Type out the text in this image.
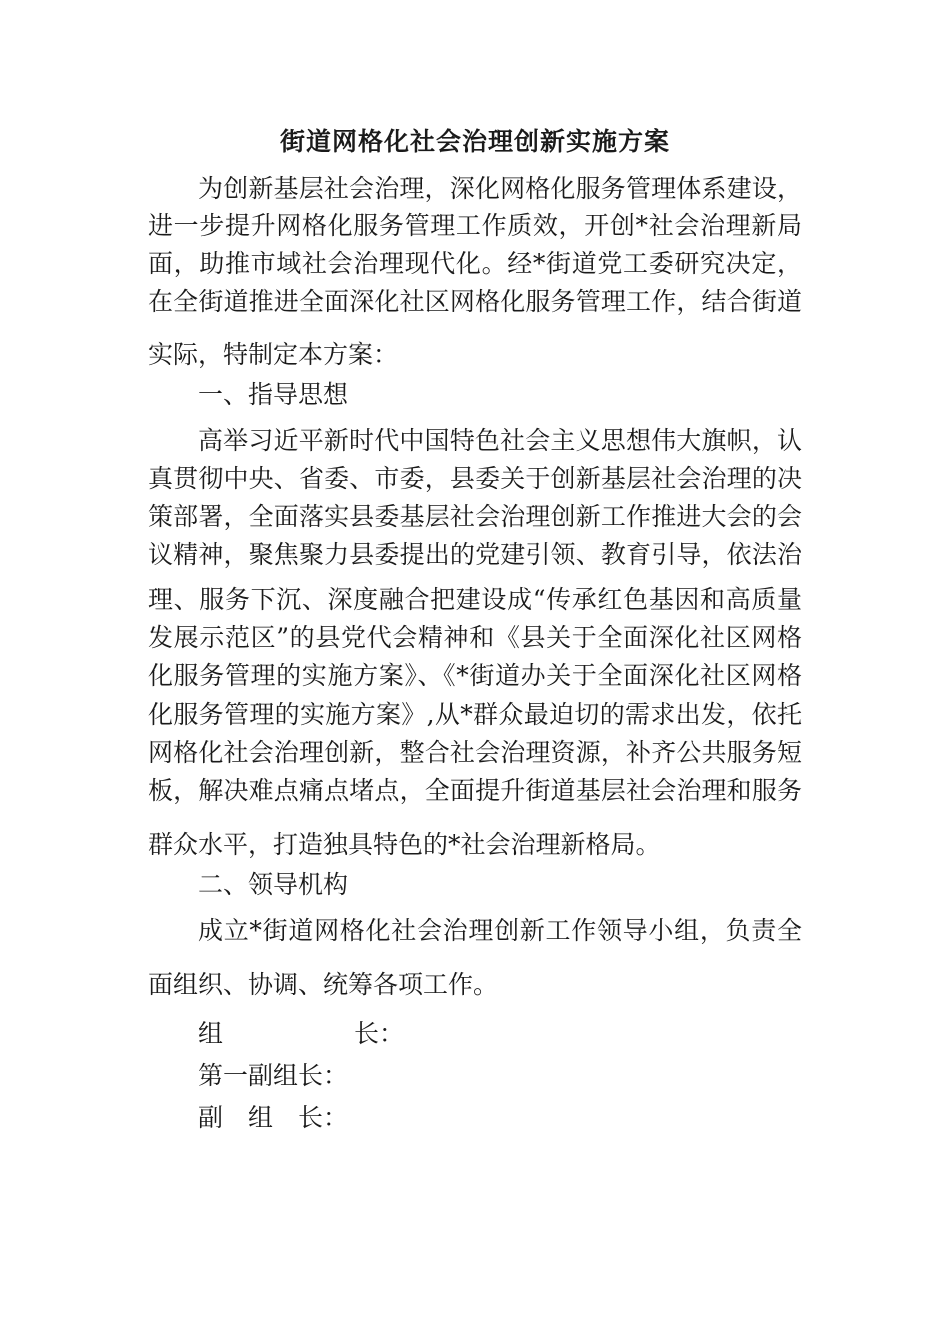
街道网格化社会治理创新实施方案
为创新基层社会治理，深化网格化服务管理体系建设，
进一步提升网格化服务管理工作质效，开创*社会治理新局
面，助推市域社会治理现代化。经*街道党工委研究决定，
在全街道推进全面深化社区网格化服务管理工作，结合街道
实际，特制定本方案：
一、指导思想
高举习近平新时代中国特色社会主义思想伟大旗帜，认
真贯彻中央、省委、市委，县委关于创新基层社会治理的决
策部署，全面落实县委基层社会治理创新工作推进大会的会
议精神，聚焦聚力县委提出的党建引领、教育引导，依法治
理、服务下沉、深度融合把建设成“传承红色基因和高质量
发展示范区”的县党代会精神和《县关于全面深化社区网格
化服务管理的实施方案》、《*街道办关于全面深化社区网格
化服务管理的实施方案》,从*群众最迫切的需求出发，依托
网格化社会治理创新，整合社会治理资源，补齐公共服务短
板，解决难点痛点堵点，全面提升街道基层社会治理和服务
群众水平，打造独具特色的*社会治理新格局。
二、领导机构
成立*街道网格化社会治理创新工作领导小组，负责全
面组织、协调、统筹各项工作。
组	长：
第一副组长：
副 组 长：
